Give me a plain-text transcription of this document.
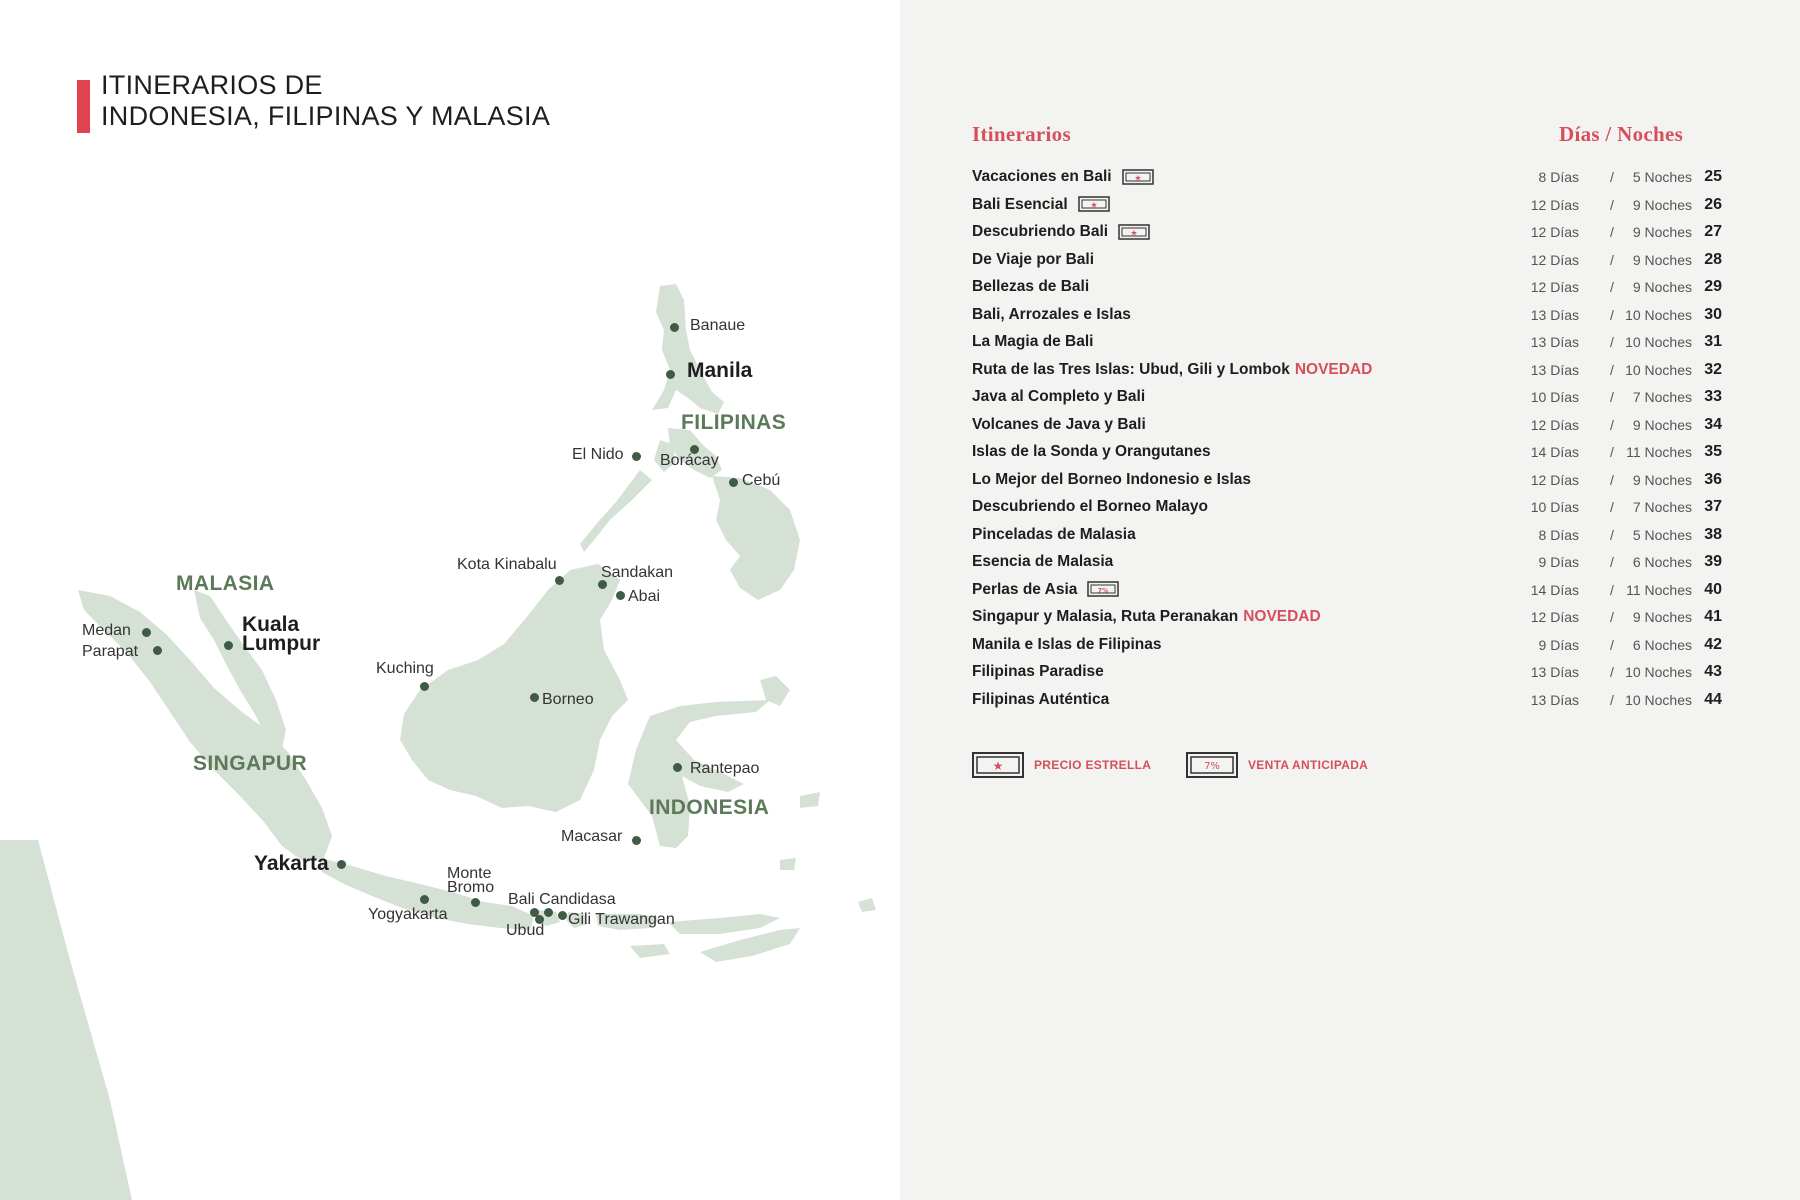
ITINERARIOS DE
INDONESIA, FILIPINAS Y MALASIA
FILIPINAS
MALASIA
SINGAPUR
INDONESIA
Manila
Kuala
Lumpur
Yakarta
Banaue
El Nido Borácay
Cebú
Kota Kinabalu	Sandakan
Abai
Medan
Parapat
Kuching
Borneo
Rantepao
Macasar
Monte
Bromo
Yogyakarta
Bali Candidasa
Ubud
Gili Trawangan
Itinerarios	Días / Noches
Vacaciones en Bali	★	8 Días / 5 Noches 25
Bali Esencial	★	12 Días / 9 Noches 26
Descubriendo Bali	★	12 Días / 9 Noches 27
De Viaje por Bali	12 Días / 9 Noches 28
Bellezas de Bali	12 Días / 9 Noches 29
Bali, Arrozales e Islas	13 Días / 10 Noches 30
La Magia de Bali	13 Días / 10 Noches 31
Ruta de las Tres Islas: Ubud, Gili y Lombok NOVEDAD	13 Días / 10 Noches 32
Java al Completo y Bali	10 Días / 7 Noches 33
Volcanes de Java y Bali	12 Días / 9 Noches 34
Islas de la Sonda y Orangutanes	14 Días / 11 Noches 35
Lo Mejor del Borneo Indonesio e Islas	12 Días / 9 Noches 36
Descubriendo el Borneo Malayo	10 Días / 7 Noches 37
Pinceladas de Malasia	8 Días / 5 Noches 38
Esencia de Malasia	9 Días / 6 Noches 39
Perlas de Asia	7%	14 Días / 11 Noches 40
Singapur y Malasia, Ruta Peranakan NOVEDAD	12 Días / 9 Noches 41
Manila e Islas de Filipinas	9 Días / 6 Noches 42
Filipinas Paradise	13 Días / 10 Noches 43
Filipinas Auténtica	13 Días / 10 Noches 44
★	PRECIO ESTRELLA	7% VENTA ANTICIPADA
